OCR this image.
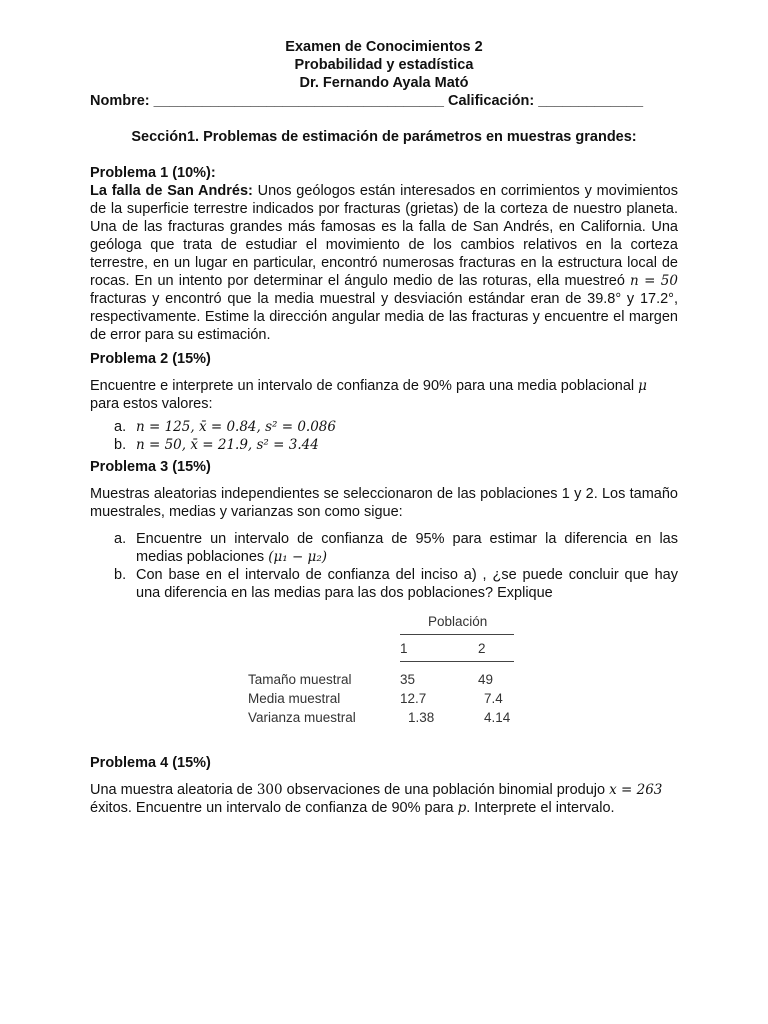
Examen de Conocimientos 2
Probabilidad y estadística
Dr. Fernando Ayala Mató
Nombre: ____________________________________ Calificación: _____________
Sección1. Problemas de estimación de parámetros en muestras grandes:
Problema 1 (10%):
La falla de San Andrés: Unos geólogos están interesados en corrimientos y movimientos de la superficie terrestre indicados por fracturas (grietas) de la corteza de nuestro planeta. Una de las fracturas grandes más famosas es la falla de San Andrés, en California. Una geóloga que trata de estudiar el movimiento de los cambios relativos en la corteza terrestre, en un lugar en particular, encontró numerosas fracturas en la estructura local de rocas. En un intento por determinar el ángulo medio de las roturas, ella muestreó n = 50 fracturas y encontró que la media muestral y desviación estándar eran de 39.8° y 17.2°, respectivamente. Estime la dirección angular media de las fracturas y encuentre el margen de error para su estimación.
Problema 2 (15%)
Encuentre e interprete un intervalo de confianza de 90% para una media poblacional μ
para estos valores:
a. n = 125, x̄ = 0.84, s² = 0.086
b. n = 50, x̄ = 21.9, s² = 3.44
Problema 3 (15%)
Muestras aleatorias independientes se seleccionaron de las poblaciones 1 y 2. Los tamaño muestrales, medias y varianzas son como sigue:
a. Encuentre un intervalo de confianza de 95% para estimar la diferencia en las medias poblaciones (μ₁ − μ₂)
b. Con base en el intervalo de confianza del inciso a) , ¿se puede concluir que hay una diferencia en las medias para las dos poblaciones? Explique
	Población	
	1	2

Tamaño muestral	35	49
Media muestral	12.7	7.4
Varianza muestral	1.38	4.14
Problema 4 (15%)
Una muestra aleatoria de 300 observaciones de una población binomial produjo x = 263
éxitos. Encuentre un intervalo de confianza de 90% para p. Interprete el intervalo.
